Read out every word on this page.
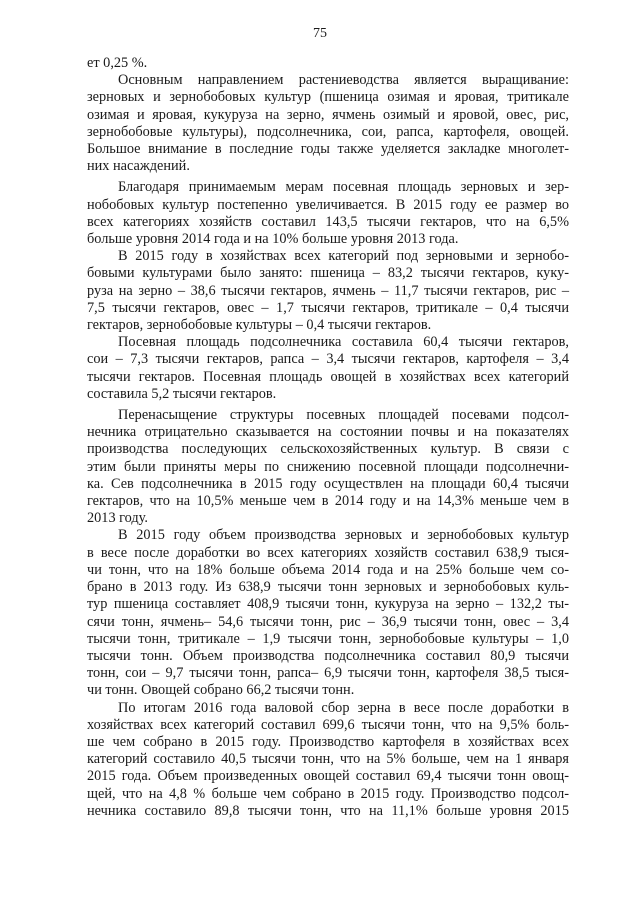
75
ет 0,25 %.
Основным направлением растениеводства является выращивание:
зерновых и зернобобовых культур (пшеница озимая и яровая, тритикале
озимая и яровая, кукуруза на зерно, ячмень озимый и яровой, овес, рис,
зернобобовые культуры), подсолнечника, сои, рапса, картофеля, овощей.
Большое внимание в последние годы также уделяется закладке многолет-
них насаждений.
Благодаря принимаемым мерам посевная площадь зерновых и зер-
нобобовых культур постепенно увеличивается. В 2015 году ее размер во
всех категориях хозяйств составил 143,5 тысячи гектаров, что на 6,5%
больше уровня 2014 года и на 10% больше уровня 2013 года.
В 2015 году в хозяйствах всех категорий под зерновыми и зернобо-
бовыми культурами было занято: пшеница – 83,2 тысячи гектаров, куку-
руза на зерно – 38,6 тысячи гектаров, ячмень – 11,7 тысячи гектаров, рис –
7,5 тысячи гектаров, овес – 1,7 тысячи гектаров, тритикале – 0,4 тысячи
гектаров, зернобобовые культуры – 0,4 тысячи гектаров.
Посевная площадь подсолнечника составила 60,4 тысячи гектаров,
сои – 7,3 тысячи гектаров, рапса – 3,4 тысячи гектаров, картофеля – 3,4
тысячи гектаров. Посевная площадь овощей в хозяйствах всех категорий
составила 5,2 тысячи гектаров.
Перенасыщение структуры посевных площадей посевами подсол-
нечника отрицательно сказывается на состоянии почвы и на показателях
производства последующих сельскохозяйственных культур. В связи с
этим были приняты меры по снижению посевной площади подсолнечни-
ка. Сев подсолнечника в 2015 году осуществлен на площади 60,4 тысячи
гектаров, что на 10,5% меньше чем в 2014 году и на 14,3% меньше чем в
2013 году.
В 2015 году объем производства зерновых и зернобобовых культур
в весе после доработки во всех категориях хозяйств составил 638,9 тыся-
чи тонн, что на 18% больше объема 2014 года и на 25% больше чем со-
брано в 2013 году. Из 638,9 тысячи тонн зерновых и зернобобовых куль-
тур пшеница составляет 408,9 тысячи тонн, кукуруза на зерно – 132,2 ты-
сячи тонн, ячмень– 54,6 тысячи тонн, рис – 36,9 тысячи тонн, овес – 3,4
тысячи тонн, тритикале – 1,9 тысячи тонн, зернобобовые культуры – 1,0
тысячи тонн. Объем производства подсолнечника составил 80,9 тысячи
тонн, сои – 9,7 тысячи тонн, рапса– 6,9 тысячи тонн, картофеля 38,5 тыся-
чи тонн. Овощей собрано 66,2 тысячи тонн.
По итогам 2016 года валовой сбор зерна в весе после доработки в
хозяйствах всех категорий составил 699,6 тысячи тонн, что на 9,5% боль-
ше чем собрано в 2015 году. Производство картофеля в хозяйствах всех
категорий составило 40,5 тысячи тонн, что на 5% больше, чем на 1 января
2015 года. Объем произведенных овощей составил 69,4 тысячи тонн овощ-
щей, что на 4,8 % больше чем собрано в 2015 году. Производство подсол-
нечника составило 89,8 тысячи тонн, что на 11,1% больше уровня 2015
